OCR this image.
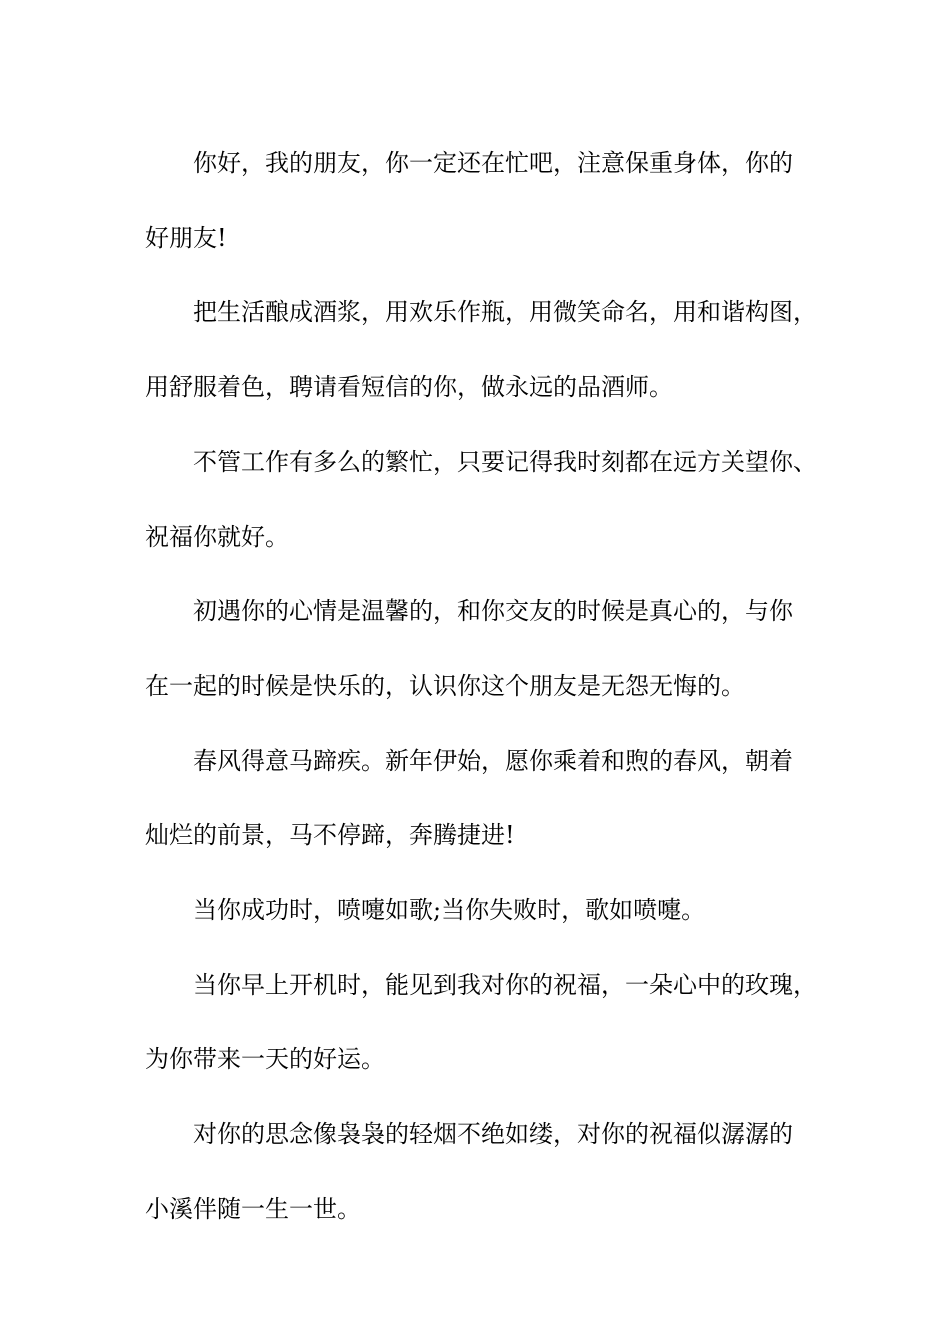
你好，我的朋友，你一定还在忙吧，注意保重身体，你的
好朋友!
把生活酿成酒浆，用欢乐作瓶，用微笑命名，用和谐构图，
用舒服着色，聘请看短信的你，做永远的品酒师。
不管工作有多么的繁忙，只要记得我时刻都在远方关望你、
祝福你就好。
初遇你的心情是温馨的，和你交友的时候是真心的，与你
在一起的时候是快乐的，认识你这个朋友是无怨无悔的。
春风得意马蹄疾。新年伊始，愿你乘着和煦的春风，朝着
灿烂的前景，马不停蹄，奔腾捷进!
当你成功时，喷嚏如歌;当你失败时，歌如喷嚏。
当你早上开机时，能见到我对你的祝福，一朵心中的玫瑰，
为你带来一天的好运。
对你的思念像袅袅的轻烟不绝如缕，对你的祝福似潺潺的
小溪伴随一生一世。
